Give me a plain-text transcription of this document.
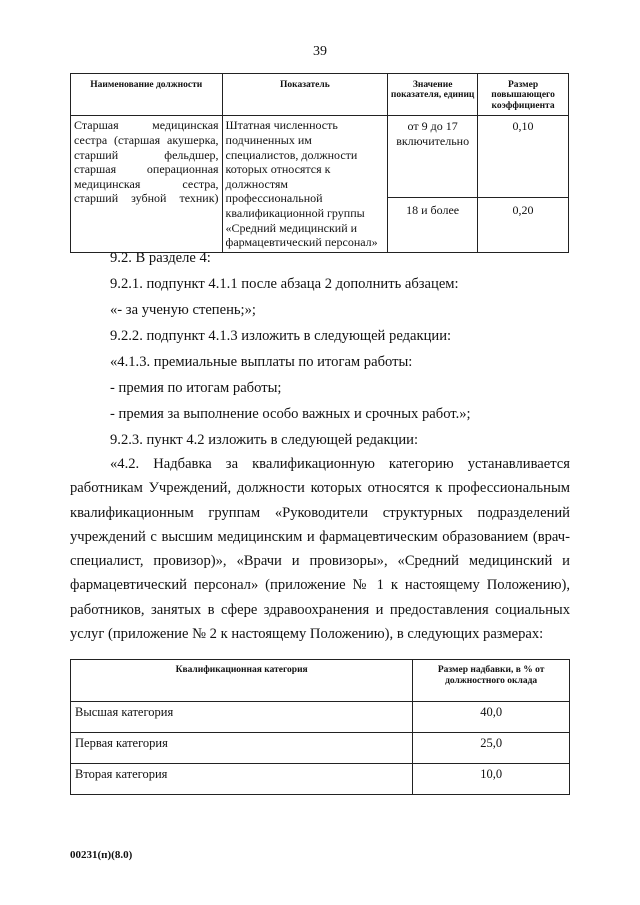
39
Наименование должности	Показатель	Значение показателя, единиц	Размер повышающего коэффициента
Старшая медицинская сестра (старшая акушерка, старший фельдшер, старшая операционная медицинская сестра, старший зубной техник)	Штатная численность подчиненных им специалистов, должности которых относятся к должностям профессиональной квалификационной группы «Средний медицинский и фармацевтический персонал»	от 9 до 17 включительно	0,10
		18 и более	0,20
9.2. В разделе 4:
9.2.1. подпункт 4.1.1 после абзаца 2 дополнить абзацем:
«- за ученую степень;»;
9.2.2. подпункт 4.1.3 изложить в следующей редакции:
«4.1.3. премиальные выплаты по итогам работы:
- премия по итогам работы;
- премия за выполнение особо важных и срочных работ.»;
9.2.3. пункт 4.2 изложить в следующей редакции:
«4.2. Надбавка за квалификационную категорию устанавливается работникам Учреждений, должности которых относятся к профессиональным квалификационным группам «Руководители структурных подразделений учреждений с высшим медицинским и фармацевтическим образованием (врач-специалист, провизор)», «Врачи и провизоры», «Средний медицинский и фармацевтический персонал» (приложение № 1 к настоящему Положению), работников, занятых в сфере здравоохранения и предоставления социальных услуг (приложение № 2 к настоящему Положению), в следующих размерах:
Квалификационная категория	Размер надбавки, в % от должностного оклада
Высшая категория	40,0
Первая категория	25,0
Вторая категория	10,0
00231(п)(8.0)
